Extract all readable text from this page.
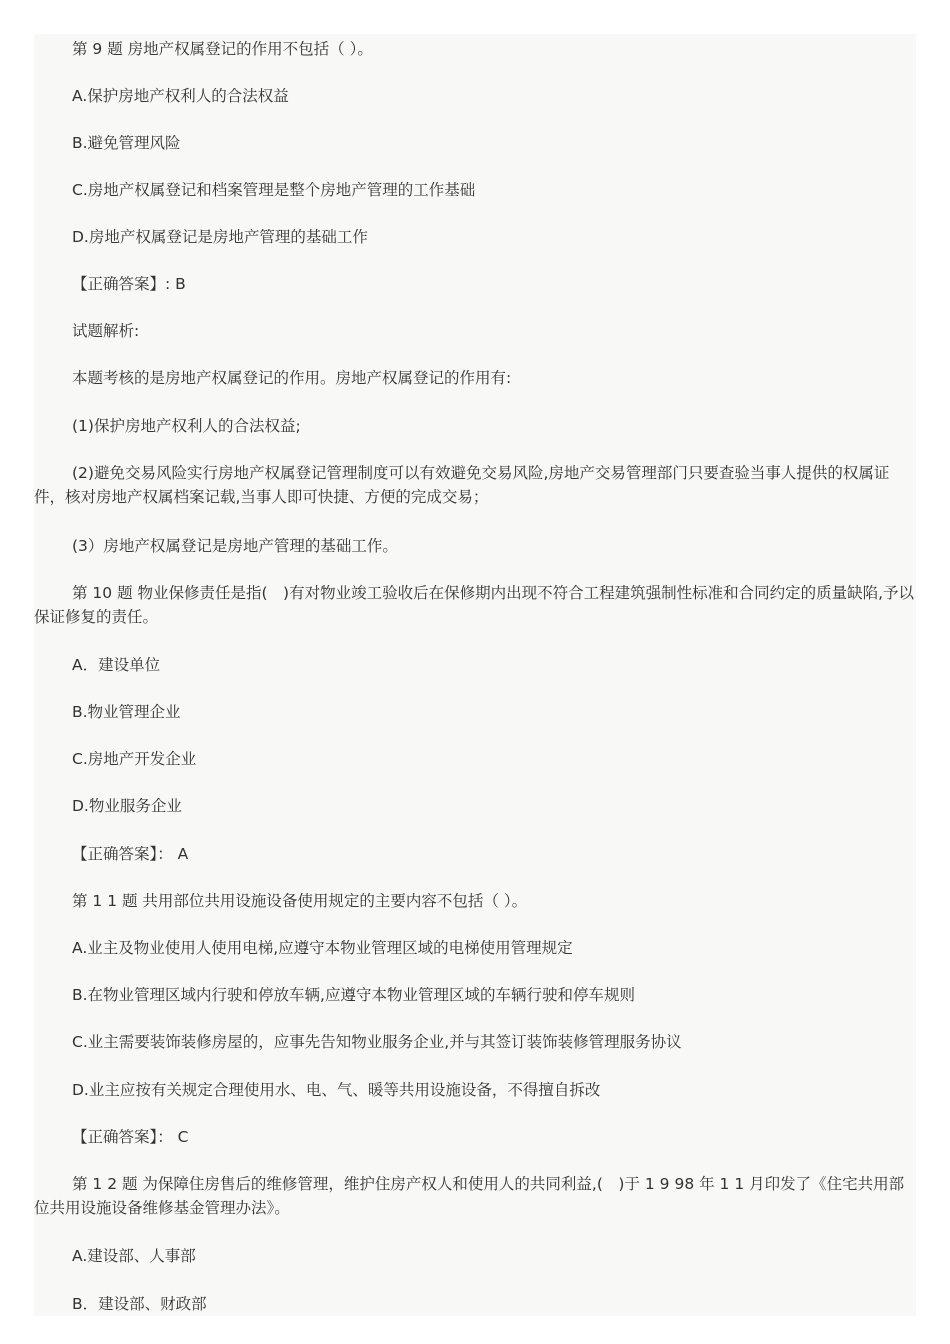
第 9 题 房地产权属登记的作用不包括（ ）。

A.保护房地产权利人的合法权益

B.避免管理风险

C.房地产权属登记和档案管理是整个房地产管理的工作基础

D.房地产权属登记是房地产管理的基础工作

【正确答案】: B

试题解析:

本题考核的是房地产权属登记的作用。房地产权属登记的作用有:

(1)保护房地产权利人的合法权益;

(2)避免交易风险实行房地产权属登记管理制度可以有效避免交易风险,房地产交易管理部门只要查验当事人提供的权属证件，核对房地产权属档案记载,当事人即可快捷、方便的完成交易；

(3）房地产权属登记是房地产管理的基础工作。

第 10 题 物业保修责任是指(　)有对物业竣工验收后在保修期内出现不符合工程建筑强制性标准和合同约定的质量缺陷,予以保证修复的责任。

A．建设单位

B.物业管理企业

C.房地产开发企业

D.物业服务企业

【正确答案】： A

第 1 1 题 共用部位共用设施设备使用规定的主要内容不包括（ ）。

A.业主及物业使用人使用电梯,应遵守本物业管理区域的电梯使用管理规定

B.在物业管理区域内行驶和停放车辆,应遵守本物业管理区域的车辆行驶和停车规则

C.业主需要装饰装修房屋的，应事先告知物业服务企业,并与其签订装饰装修管理服务协议

D.业主应按有关规定合理使用水、电、气、暖等共用设施设备，不得擅自拆改

【正确答案】： C

第 1 2 题 为保障住房售后的维修管理，维护住房产权人和使用人的共同利益,(　)于 1 9 98 年 1 1 月印发了《住宅共用部位共用设施设备维修基金管理办法》。

A.建设部、人事部

B．建设部、财政部
